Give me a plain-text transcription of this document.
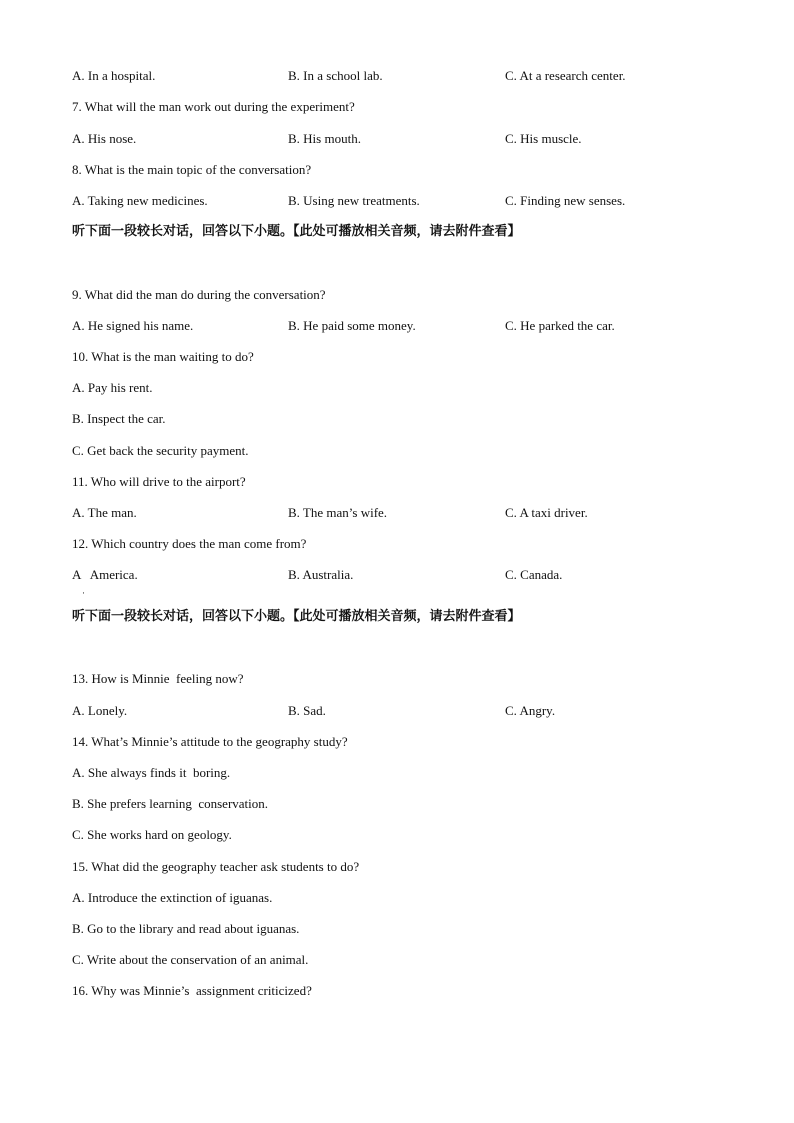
A. In a hospital.	B. In a school lab.	C. At a research center.
7. What will the man work out during the experiment?
A. His nose.	B. His mouth.	C. His muscle.
8. What is the main topic of the conversation?
A. Taking new medicines.	B. Using new treatments.	C. Finding new senses.
听下面一段较长对话，回答以下小题。【此处可播放相关音频，请去附件查看】
9. What did the man do during the conversation?
A. He signed his name.	B. He paid some money.	C. He parked the car.
10. What is the man waiting to do?
A. Pay his rent.
B. Inspect the car.
C. Get back the security payment.
11. Who will drive to the airport?
A. The man.	B. The man’s wife.	C. A taxi driver.
12. Which country does the man come from?
A   America.	B. Australia.	C. Canada.
·
听下面一段较长对话，回答以下小题。【此处可播放相关音频，请去附件查看】
13. How is Minnie  feeling now?
A. Lonely.	B. Sad.	C. Angry.
14. What’s Minnie’s attitude to the geography study?
A. She always finds it  boring.
B. She prefers learning  conservation.
C. She works hard on geology.
15. What did the geography teacher ask students to do?
A. Introduce the extinction of iguanas.
B. Go to the library and read about iguanas.
C. Write about the conservation of an animal.
16. Why was Minnie’s  assignment criticized?
